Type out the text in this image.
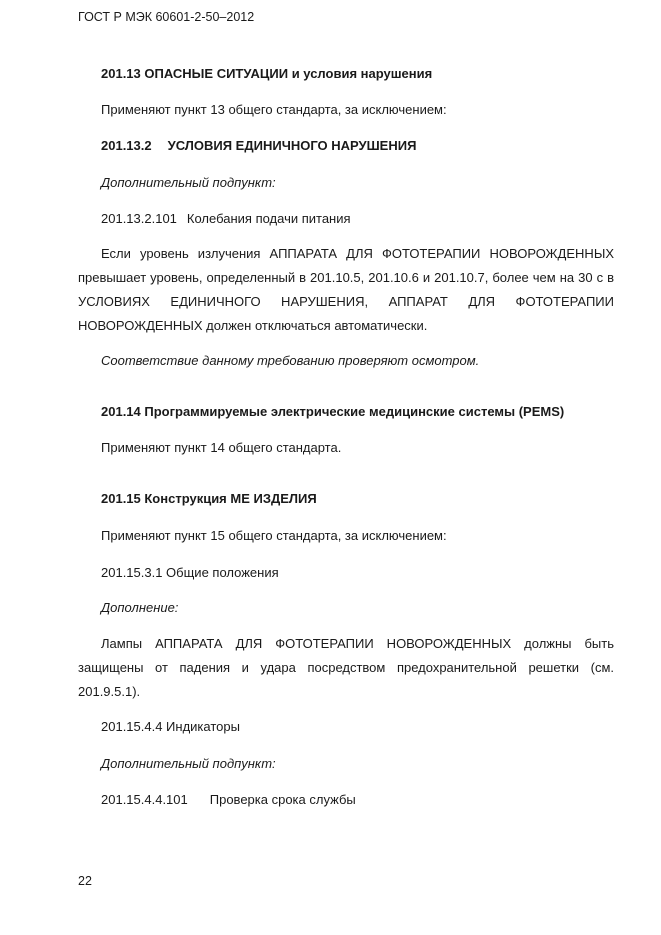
ГОСТ Р МЭК 60601-2-50–2012
201.13 ОПАСНЫЕ СИТУАЦИИ и условия нарушения
Применяют пункт 13 общего стандарта, за исключением:
201.13.2 УСЛОВИЯ ЕДИНИЧНОГО НАРУШЕНИЯ
Дополнительный подпункт:
201.13.2.101 Колебания подачи питания
Если уровень излучения АППАРАТА ДЛЯ ФОТОТЕРАПИИ НОВОРОЖДЕННЫХ превышает уровень, определенный в 201.10.5, 201.10.6 и 201.10.7, более чем на 30 с в УСЛОВИЯХ ЕДИНИЧНОГО НАРУШЕНИЯ, АППАРАТ ДЛЯ ФОТОТЕРАПИИ НОВОРОЖДЕННЫХ должен отключаться автоматически.
Соответствие данному требованию проверяют осмотром.
201.14 Программируемые электрические медицинские системы (PEMS)
Применяют пункт 14 общего стандарта.
201.15 Конструкция МЕ ИЗДЕЛИЯ
Применяют пункт 15 общего стандарта, за исключением:
201.15.3.1 Общие положения
Дополнение:
Лампы АППАРАТА ДЛЯ ФОТОТЕРАПИИ НОВОРОЖДЕННЫХ должны быть защищены от падения и удара посредством предохранительной решетки (см. 201.9.5.1).
201.15.4.4 Индикаторы
Дополнительный подпункт:
201.15.4.4.101 Проверка срока службы
22
